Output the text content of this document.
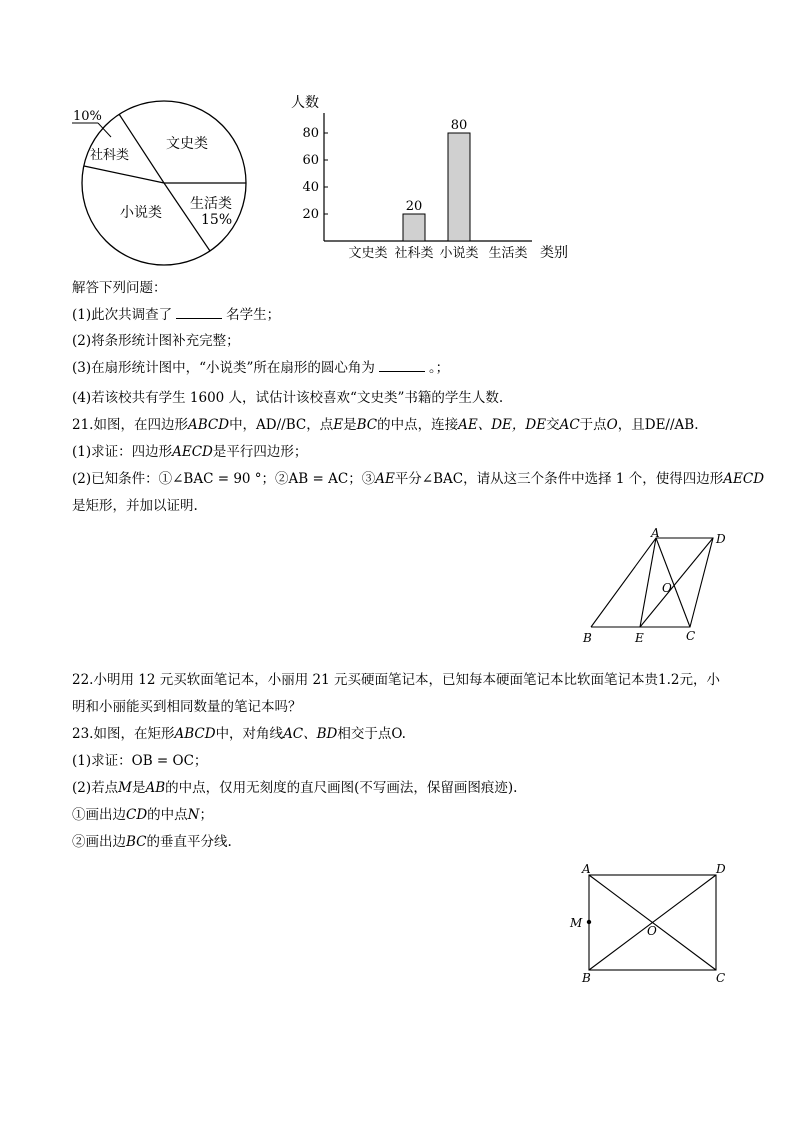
10%
文史类
社科类
小说类
生活类
15%
人数
类别
20
40
60
80
文史类
20
社科类
80
小说类 生活类
解答下列问题：
(1)此次共调查了	名学生；
(2)将条形统计图补充完整；
(3)在扇形统计图中，“小说类”所在扇形的圆心角为	。；
(4)若该校共有学生 1600 人，试估计该校喜欢“文史类”书籍的学生人数.
21.如图，在四边形ABCD中，AD//BC，点E是BC的中点，连接AE、DE，DE交AC于点O，且DE//AB.
(1)求证：四边形AECD是平行四边形；
(2)已知条件：①∠BAC = 90 °；②AB = AC；③AE平分∠BAC，请从这三个条件中选择 1 个，使得四边形AECD
是矩形，并加以证明.
A	D
O
B	E	C
22.小明用 12 元买软面笔记本，小丽用 21 元买硬面笔记本，已知每本硬面笔记本比软面笔记本贵1.2元，小
明和小丽能买到相同数量的笔记本吗？
23.如图，在矩形ABCD中，对角线AC、BD相交于点O.
(1)求证：OB = OC；
(2)若点M是AB的中点，仅用无刻度的直尺画图(不写画法，保留画图痕迹).
①画出边CD的中点N；
②画出边BC的垂直平分线.
A	D
M
O
B	C
